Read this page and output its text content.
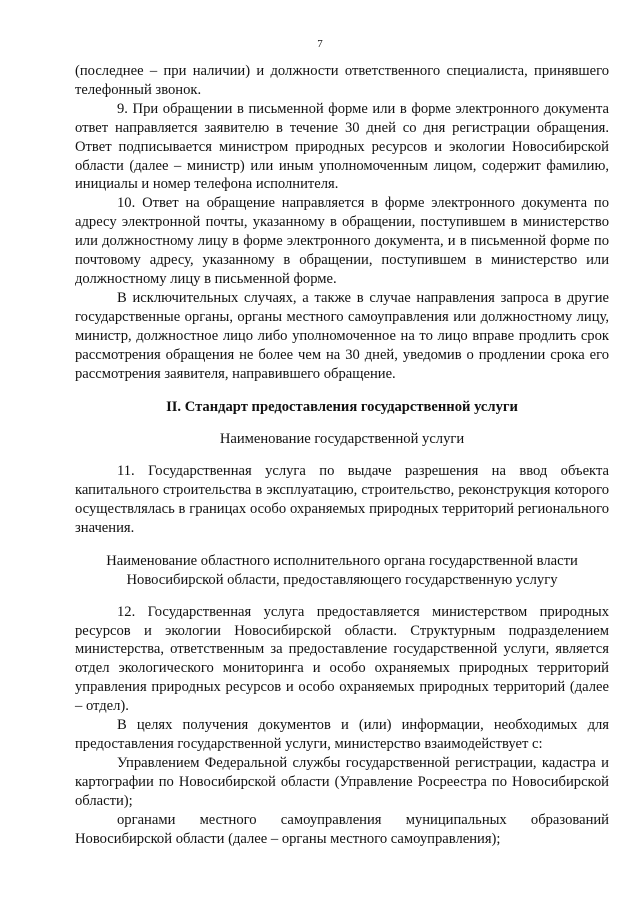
7

(последнее – при наличии) и должности ответственного специалиста, принявшего телефонный звонок.

9. При обращении в письменной форме или в форме электронного документа ответ направляется заявителю в течение 30 дней со дня регистрации обращения. Ответ подписывается министром природных ресурсов и экологии Новосибирской области (далее – министр) или иным уполномоченным лицом, содержит фамилию, инициалы и номер телефона исполнителя.

10. Ответ на обращение направляется в форме электронного документа по адресу электронной почты, указанному в обращении, поступившем в министерство или должностному лицу в форме электронного документа, и в письменной форме по почтовому адресу, указанному в обращении, поступившем в министерство или должностному лицу в письменной форме.

В исключительных случаях, а также в случае направления запроса в другие государственные органы, органы местного самоуправления или должностному лицу, министр, должностное лицо либо уполномоченное на то лицо вправе продлить срок рассмотрения обращения не более чем на 30 дней, уведомив о продлении срока его рассмотрения заявителя, направившего обращение.

II. Стандарт предоставления государственной услуги

Наименование государственной услуги

11. Государственная услуга по выдаче разрешения на ввод объекта капитального строительства в эксплуатацию, строительство, реконструкция которого осуществлялась в границах особо охраняемых природных территорий регионального значения.

Наименование областного исполнительного органа государственной власти
Новосибирской области, предоставляющего государственную услугу

12. Государственная услуга предоставляется министерством природных ресурсов и экологии Новосибирской области. Структурным подразделением министерства, ответственным за предоставление государственной услуги, является отдел экологического мониторинга и особо охраняемых природных территорий управления природных ресурсов и особо охраняемых природных территорий (далее – отдел).

В целях получения документов и (или) информации, необходимых для предоставления государственной услуги, министерство взаимодействует с:

Управлением Федеральной службы государственной регистрации, кадастра и картографии по Новосибирской области (Управление Росреестра по Новосибирской области);

органами местного самоуправления муниципальных образований Новосибирской области (далее – органы местного самоуправления);
